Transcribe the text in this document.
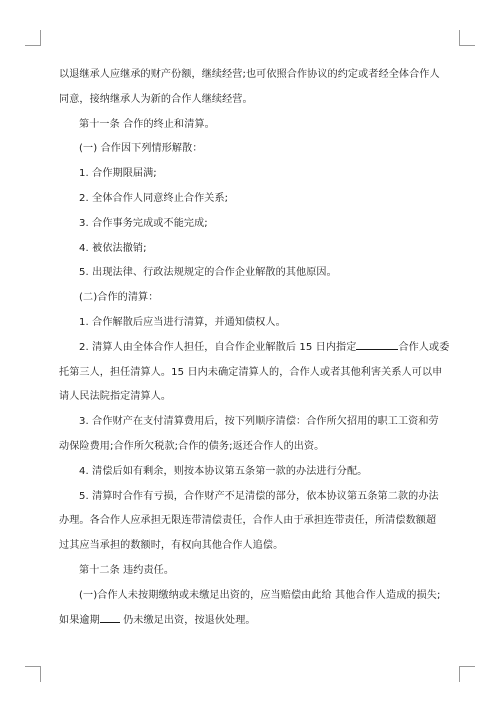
以退继承人应继承的财产份额，继续经营;也可依照合作协议的约定或者经全体合作人

同意，接纳继承人为新的合作人继续经营。

第十一条 合作的终止和清算。

(一) 合作因下列情形解散：

1. 合作期限届满;

2. 全体合作人同意终止合作关系;

3. 合作事务完成或不能完成;

4. 被依法撤销;

5. 出现法律、行政法规规定的合作企业解散的其他原因。

(二)合作的清算：

1. 合作解散后应当进行清算，并通知债权人。

2. 清算人由全体合作人担任，自合作企业解散后 15 日内指定	合作人或委

托第三人，担任清算人。15 日内未确定清算人的，合作人或者其他利害关系人可以申

请人民法院指定清算人。

3. 合作财产在支付清算费用后，按下列顺序清偿：合作所欠招用的职工工资和劳

动保险费用;合作所欠税款;合作的债务;返还合作人的出资。

4. 清偿后如有剩余，则按本协议第五条第一款的办法进行分配。

5. 清算时合作有亏损，合作财产不足清偿的部分，依本协议第五条第二款的办法

办理。各合作人应承担无限连带清偿责任，合作人由于承担连带责任，所清偿数额超

过其应当承担的数额时，有权向其他合作人追偿。

第十二条 违约责任。

(一)合作人未按期缴纳或未缴足出资的，应当赔偿由此给 其他合作人造成的损失;

如果逾期 仍未缴足出资，按退伙处理。
